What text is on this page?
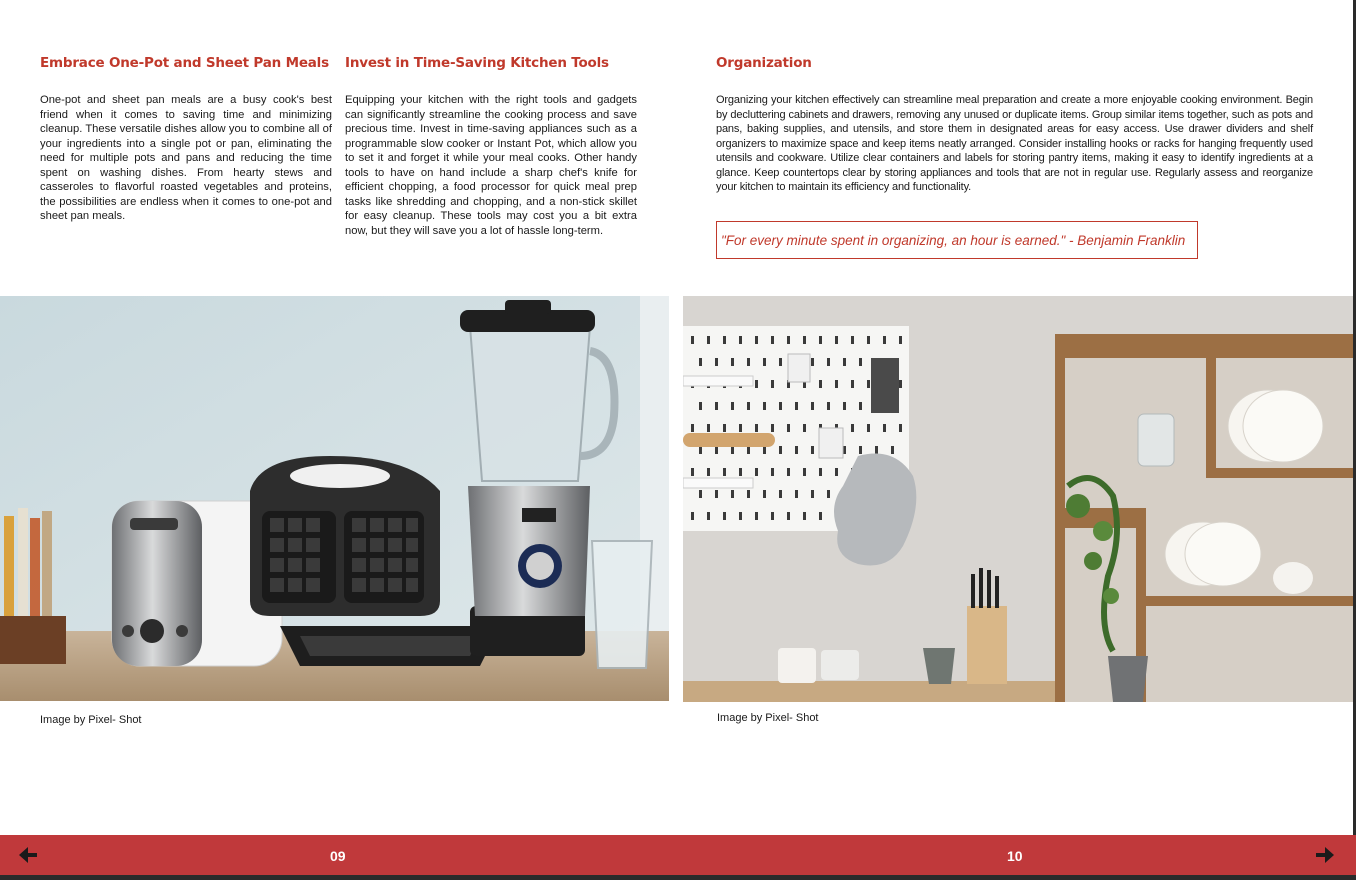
Embrace One-Pot and Sheet Pan Meals

One-pot and sheet pan meals are a busy cook's best friend when it comes to saving time and minimizing cleanup. These versatile dishes allow you to combine all of your ingredients into a single pot or pan, eliminating the need for multiple pots and pans and reducing the time spent on washing dishes. From hearty stews and casseroles to flavorful roasted vegetables and proteins, the possibilities are endless when it comes to one-pot and sheet pan meals.

Invest in Time-Saving Kitchen Tools

Equipping your kitchen with the right tools and gadgets can significantly streamline the cooking process and save precious time. Invest in time-saving appliances such as a programmable slow cooker or Instant Pot, which allow you to set it and forget it while your meal cooks. Other handy tools to have on hand include a sharp chef's knife for efficient chopping, a food processor for quick meal prep tasks like shredding and chopping, and a non-stick skillet for easy cleanup. These tools may cost you a bit extra now, but they will save you a lot of hassle long-term.

Organization

Organizing your kitchen effectively can streamline meal preparation and create a more enjoyable cooking environment. Begin by decluttering cabinets and drawers, removing any unused or duplicate items. Group similar items together, such as pots and pans, baking supplies, and utensils, and store them in designated areas for easy access. Use drawer dividers and shelf organizers to maximize space and keep items neatly arranged. Consider installing hooks or racks for hanging frequently used utensils and cookware. Utilize clear containers and labels for storing pantry items, making it easy to identify ingredients at a glance. Keep countertops clear by storing appliances and tools that are not in regular use. Regularly assess and reorganize your kitchen to maintain its efficiency and functionality.

"For every minute spent in organizing, an hour is earned." - Benjamin Franklin
Image by Pixel- Shot	Image by Pixel- Shot
09	10
